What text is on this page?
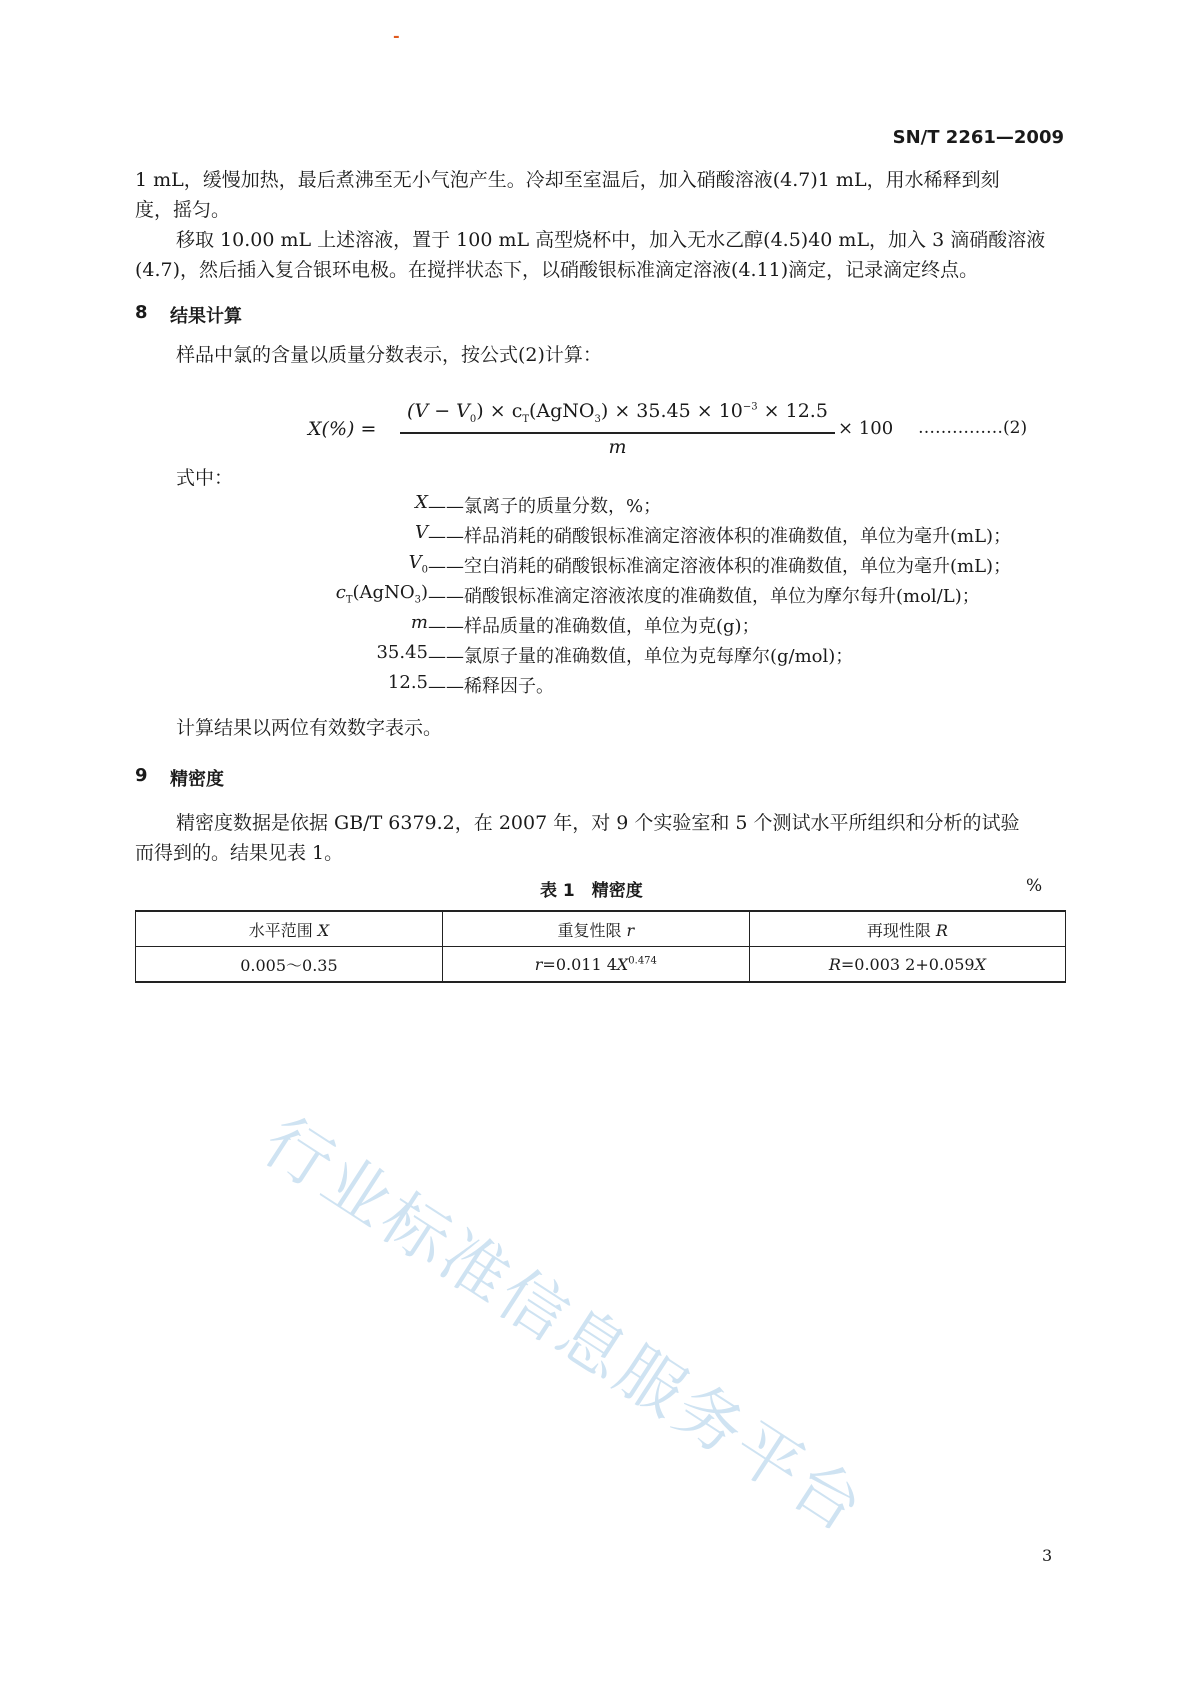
-
SN/T 2261—2009
1 mL，缓慢加热，最后煮沸至无小气泡产生。冷却至室温后，加入硝酸溶液(4.7)1 mL，用水稀释到刻
度，摇匀。
移取 10.00 mL 上述溶液，置于 100 mL 高型烧杯中，加入无水乙醇(4.5)40 mL，加入 3 滴硝酸溶液
(4.7)，然后插入复合银环电极。在搅拌状态下，以硝酸银标准滴定溶液(4.11)滴定，记录滴定终点。
8 结果计算
样品中氯的含量以质量分数表示，按公式(2)计算：
X(%) =
$(V - V_0)$ × $c_T(AgNO_3) \times 35.45 \times 10^{-3} \times 12.5$
m
× 100 ……………(2)
式中：
X ——氯离子的质量分数，%；
V ——样品消耗的硝酸银标准滴定溶液体积的准确数值，单位为毫升(mL)；
$V_0$ ——空白消耗的硝酸银标准滴定溶液体积的准确数值，单位为毫升(mL)；
$c_T(AgNO_3)$ ——硝酸银标准滴定溶液浓度的准确数值，单位为摩尔每升(mol/L)；
m ——样品质量的准确数值，单位为克(g)；
35.45 ——氯原子量的准确数值，单位为克每摩尔(g/mol)；
12.5 ——稀释因子。
计算结果以两位有效数字表示。
9 精密度
精密度数据是依据 GB/T 6379.2，在 2007 年，对 9 个实验室和 5 个测试水平所组织和分析的试验
而得到的。结果见表 1。
表 1　精密度	%
水平范围 X	重复性限 r	再现性限 R
0.005～0.35	r=0.011 $4X^{0.474}$	R=0.003 2+0.059X
行业标准信息服务平台
3
